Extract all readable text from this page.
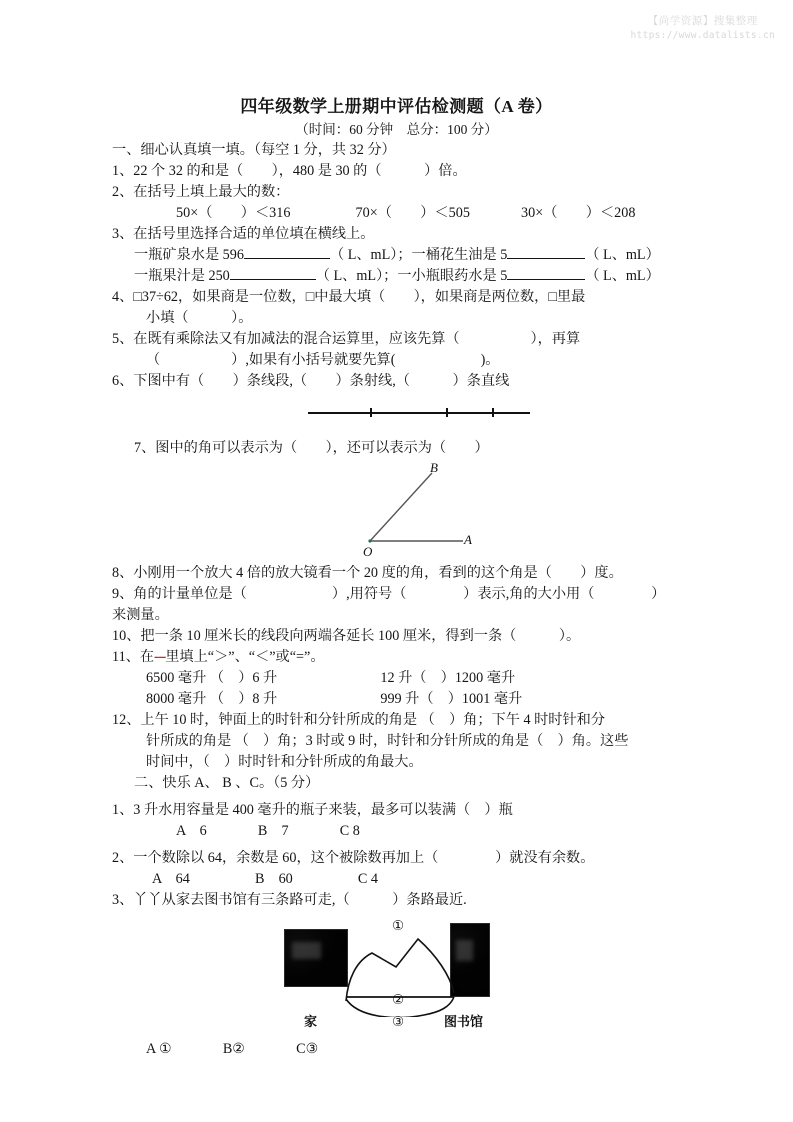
【尚学资源】搜集整理
https://www.datalists.cn
四年级数学上册期中评估检测题（A 卷）
（时间：60 分钟　总分：100 分）
一、细心认真填一填。（每空 1 分，共 32 分）
1、22 个 32 的和是（　　），480 是 30 的（　　　）倍。
2、在括号上填上最大的数：
50×（　　）＜316	70×（　　）＜505	30×（　　）＜208
3、在括号里选择合适的单位填在横线上。
一瓶矿泉水是 596	（ L、mL）；一桶花生油是 5	（ L、mL）
一瓶果汁是 250	（ L、mL）；一小瓶眼药水是 5	（ L、mL）
4、□37÷62，如果商是一位数，□中最大填（　　），如果商是两位数，□里最
小填（　　　）。
5、在既有乘除法又有加减法的混合运算里，应该先算（　　　　　），再算
（　　　　　）,如果有小括号就要先算(　　　　　　)。
6、下图中有（　　）条线段,（　　）条射线,（　　　）条直线
7、图中的角可以表示为（　　），还可以表示为（　　）
B
A
O
8、小刚用一个放大 4 倍的放大镜看一个 20 度的角，看到的这个角是（　　）度。
9、角的计量单位是（　　　　　　）,用符号（　　　　）表示,角的大小用（　　　　）
来测量。
10、把一条 10 厘米长的线段向两端各延长 100 厘米，得到一条（　　　）。
11、在---里填上“＞”、“＜”或“=”。
6500 毫升 （　）6 升	12 升（　）1200 毫升
8000 毫升 （　）8 升	999 升（　）1001 毫升
12、上午 10 时，钟面上的时针和分针所成的角是 （　）角；下午 4 时时针和分
针所成的角是 （　）角；3 时或 9 时，时针和分针所成的角是（　）角。这些
时间中，（　）时时针和分针所成的角最大。
二、快乐 A、 B 、C。（5 分）
1、3 升水用容量是 400 毫升的瓶子来装，最多可以装满（　）瓶
A　6	B　7	C 8
2、一个数除以 64，余数是 60，这个被除数再加上（　　　　）就没有余数。
A　64	B　60	C 4
3、丫丫从家去图书馆有三条路可走,（　　　）条路最近.
①
②
③
家	图书馆
A ①	B②	C③
